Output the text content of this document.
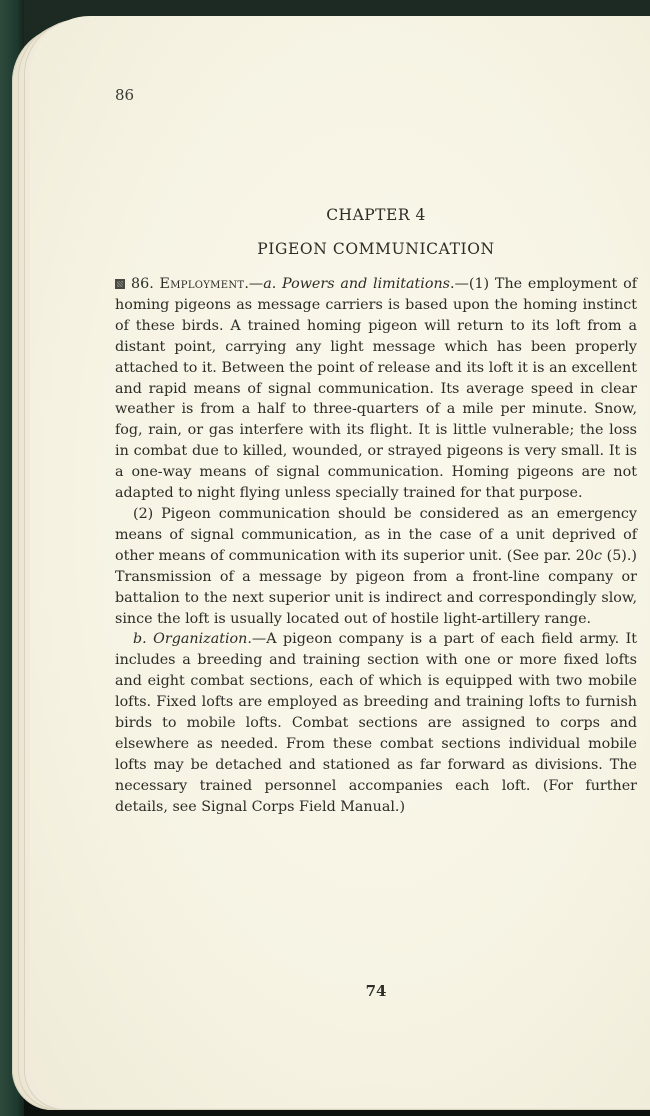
86
CHAPTER 4
PIGEON COMMUNICATION

86. Employment.—a. Powers and limitations.—(1) The employment of homing pigeons as message carriers is based upon the homing instinct of these birds. A trained homing pigeon will return to its loft from a distant point, carrying any light message which has been properly attached to it. Between the point of release and its loft it is an excellent and rapid means of signal communication. Its average speed in clear weather is from a half to three-quarters of a mile per minute. Snow, fog, rain, or gas interfere with its flight. It is little vulnerable; the loss in combat due to killed, wounded, or strayed pigeons is very small. It is a one-way means of signal communication. Homing pigeons are not adapted to night flying unless specially trained for that purpose.

(2) Pigeon communication should be considered as an emergency means of signal communication, as in the case of a unit deprived of other means of communication with its superior unit. (See par. 20c (5).) Transmission of a message by pigeon from a front-line company or battalion to the next superior unit is indirect and correspondingly slow, since the loft is usually located out of hostile light-artillery range.

b. Organization.—A pigeon company is a part of each field army. It includes a breeding and training section with one or more fixed lofts and eight combat sections, each of which is equipped with two mobile lofts. Fixed lofts are employed as breeding and training lofts to furnish birds to mobile lofts. Combat sections are assigned to corps and elsewhere as needed. From these combat sections individual mobile lofts may be detached and stationed as far forward as divisions. The necessary trained personnel accompanies each loft. (For further details, see Signal Corps Field Manual.)

74
